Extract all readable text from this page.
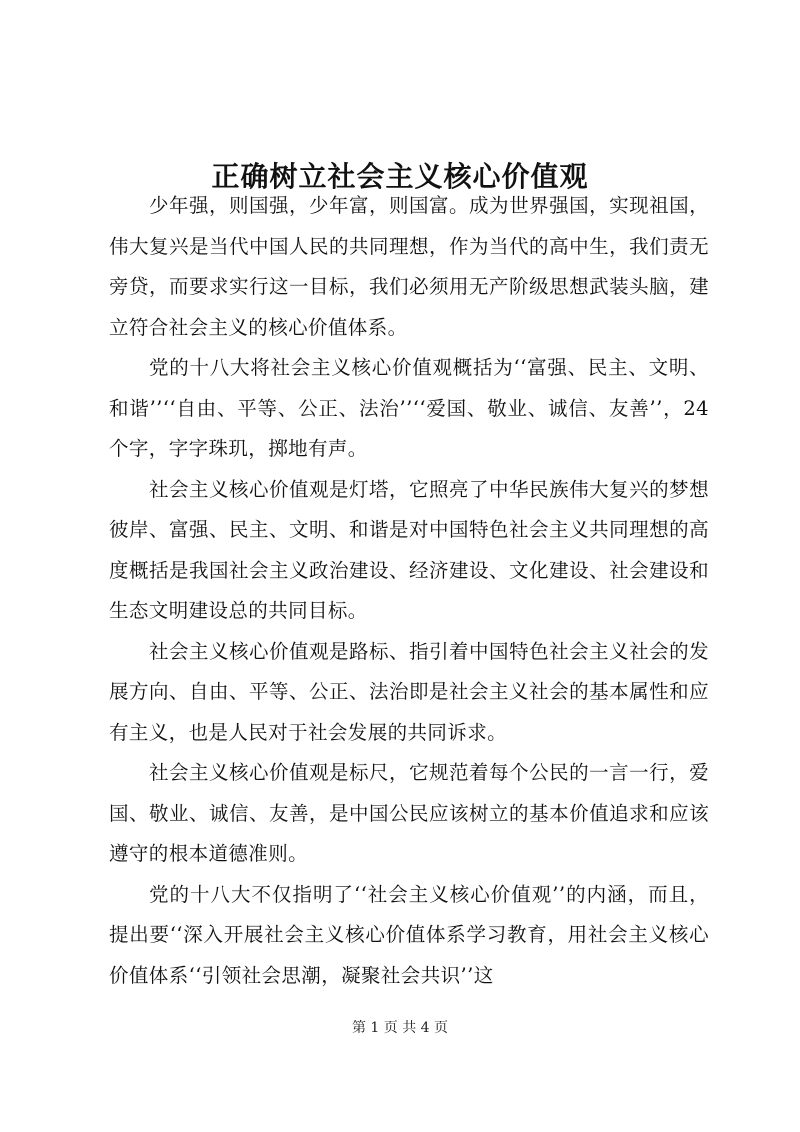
正确树立社会主义核心价值观

少年强，则国强，少年富，则国富。成为世界强国，实现祖国，伟大复兴是当代中国人民的共同理想，作为当代的高中生，我们责无旁贷，而要求实行这一目标，我们必须用无产阶级思想武装头脑，建立符合社会主义的核心价值体系。

党的十八大将社会主义核心价值观概括为‘‘富强、民主、文明、和谐’’‘‘自由、平等、公正、法治’’‘‘爱国、敬业、诚信、友善’’，24个字，字字珠玑，掷地有声。

社会主义核心价值观是灯塔，它照亮了中华民族伟大复兴的梦想彼岸、富强、民主、文明、和谐是对中国特色社会主义共同理想的高度概括是我国社会主义政治建设、经济建设、文化建设、社会建设和生态文明建设总的共同目标。

社会主义核心价值观是路标、指引着中国特色社会主义社会的发展方向、自由、平等、公正、法治即是社会主义社会的基本属性和应有主义，也是人民对于社会发展的共同诉求。

社会主义核心价值观是标尺，它规范着每个公民的一言一行，爱国、敬业、诚信、友善，是中国公民应该树立的基本价值追求和应该遵守的根本道德准则。

党的十八大不仅指明了‘‘社会主义核心价值观’’的内涵，而且，提出要‘‘深入开展社会主义核心价值体系学习教育，用社会主义核心价值体系‘‘引领社会思潮，凝聚社会共识’’这

第 1 页 共 4 页
